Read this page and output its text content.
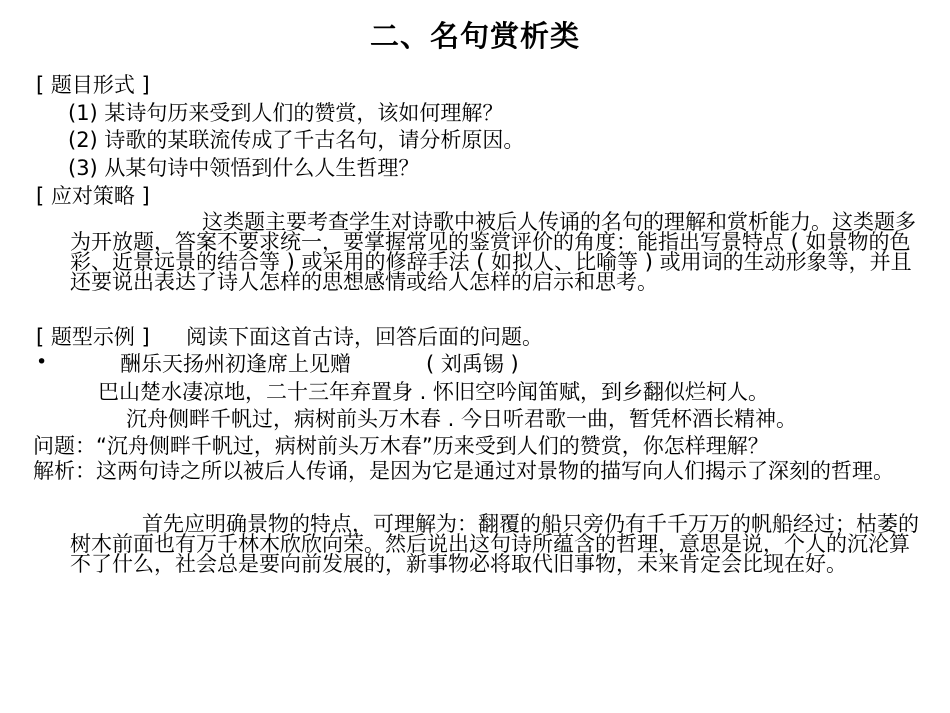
二、名句赏析类
[ 题目形式 ]
(1) 某诗句历来受到人们的赞赏，该如何理解？
(2) 诗歌的某联流传成了千古名句，请分析原因。
(3) 从某句诗中领悟到什么人生哲理？
[ 应对策略 ]
这类题主要考查学生对诗歌中被后人传诵的名句的理解和赏析能力。这类题多为开放题，答案不要求统一，要掌握常见的鉴赏评价的角度：能指出写景特点 ( 如景物的色彩、近景远景的结合等 ) 或采用的修辞手法 ( 如拟人、比喻等 ) 或用词的生动形象等，并且还要说出表达了诗人怎样的思想感情或给人怎样的启示和思考。
[ 题型示例 ] 阅读下面这首古诗，回答后面的问题。
•	酬乐天扬州初逢席上见赠	( 刘禹锡 )
巴山楚水凄凉地，二十三年弃置身 . 怀旧空吟闻笛赋，到乡翻似烂柯人。
沉舟侧畔千帆过，病树前头万木春 . 今日听君歌一曲，暂凭杯酒长精神。
问题：“沉舟侧畔千帆过，病树前头万木春”历来受到人们的赞赏，你怎样理解？
解析：这两句诗之所以被后人传诵，是因为它是通过对景物的描写向人们揭示了深刻的哲理。
首先应明确景物的特点，可理解为：翻覆的船只旁仍有千千万万的帆船经过；枯萎的树木前面也有万千林木欣欣向荣。然后说出这句诗所蕴含的哲理，意思是说，个人的沉沦算不了什么，社会总是要向前发展的，新事物必将取代旧事物，未来肯定会比现在好。
